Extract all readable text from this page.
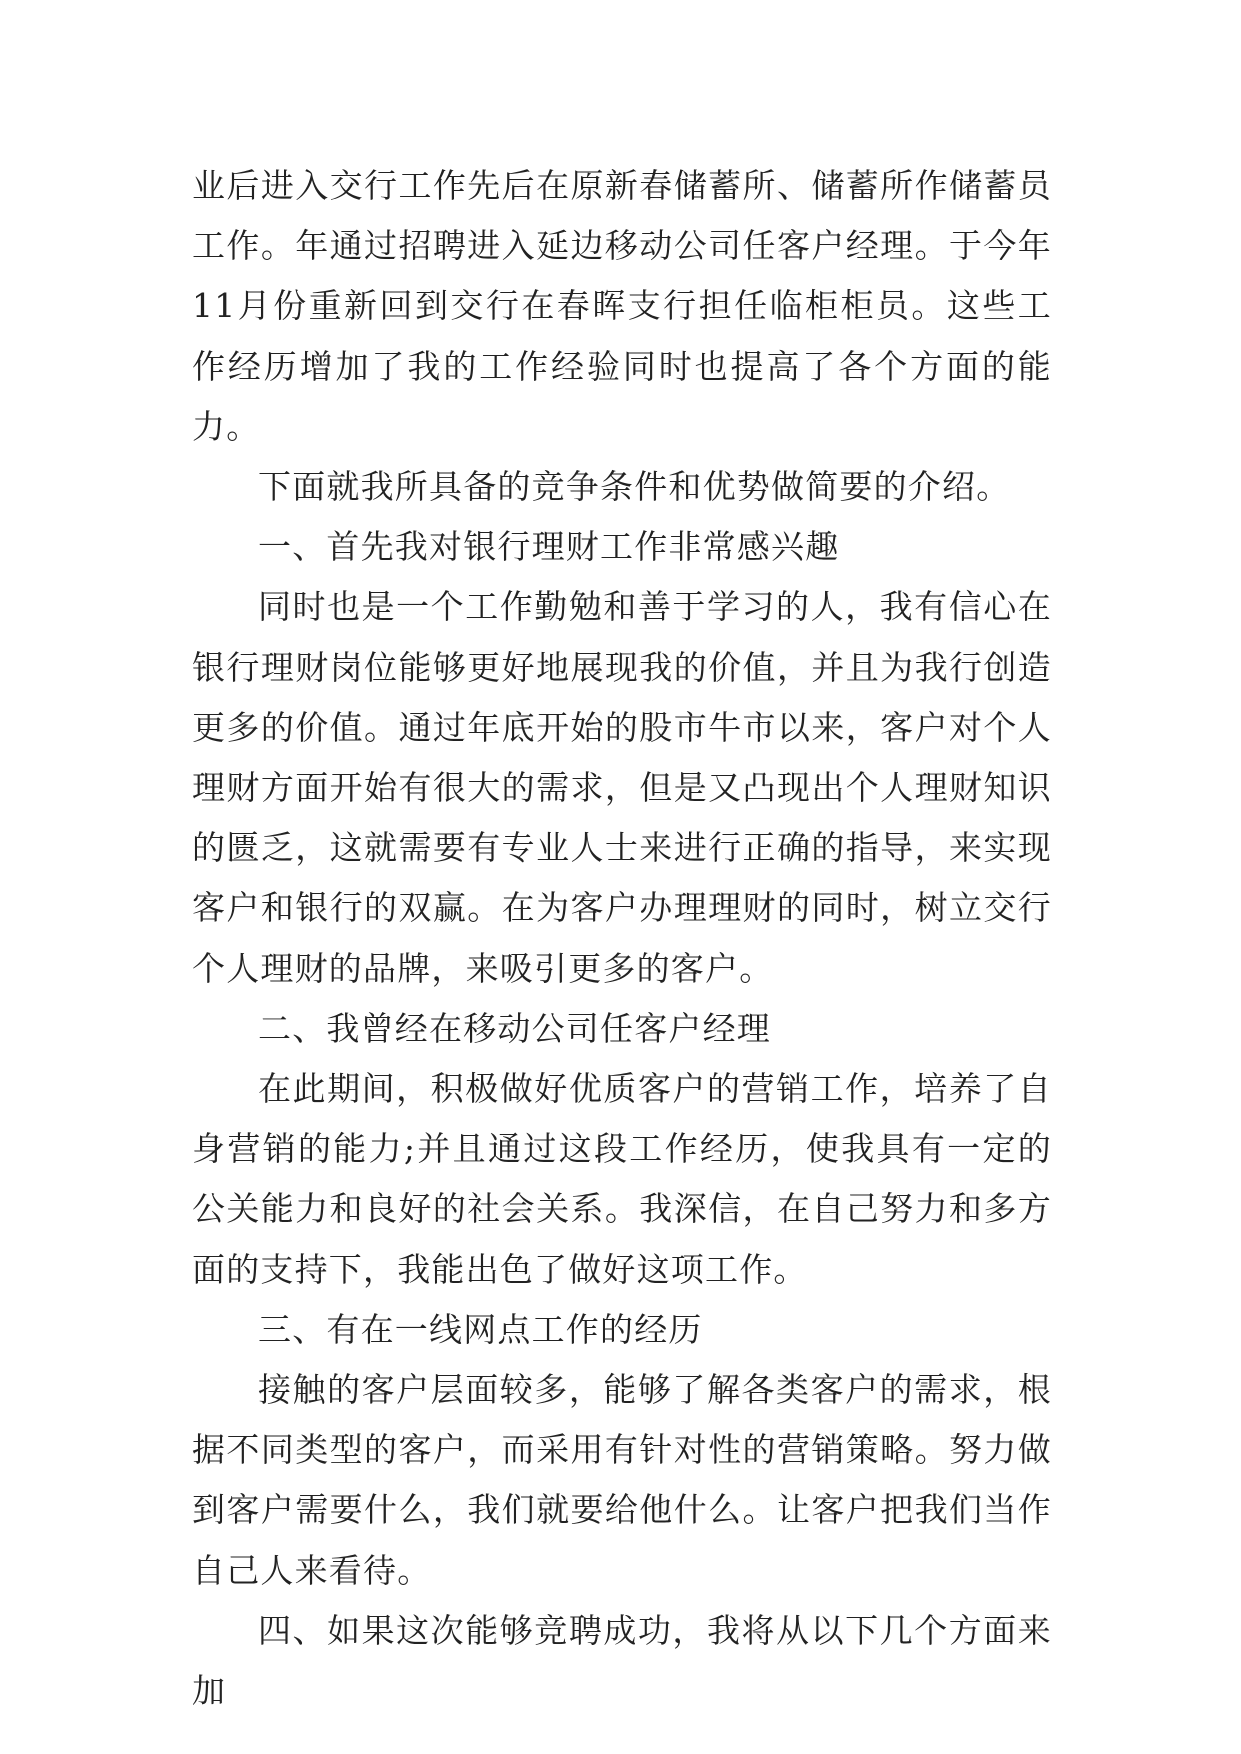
业后进入交行工作先后在原新春储蓄所、储蓄所作储蓄员工作。年通过招聘进入延边移动公司任客户经理。于今年11月份重新回到交行在春晖支行担任临柜柜员。这些工作经历增加了我的工作经验同时也提高了各个方面的能力。

下面就我所具备的竞争条件和优势做简要的介绍。

一、首先我对银行理财工作非常感兴趣

同时也是一个工作勤勉和善于学习的人，我有信心在银行理财岗位能够更好地展现我的价值，并且为我行创造更多的价值。通过年底开始的股市牛市以来，客户对个人理财方面开始有很大的需求，但是又凸现出个人理财知识的匮乏，这就需要有专业人士来进行正确的指导，来实现客户和银行的双赢。在为客户办理理财的同时，树立交行个人理财的品牌，来吸引更多的客户。

二、我曾经在移动公司任客户经理

在此期间，积极做好优质客户的营销工作，培养了自身营销的能力;并且通过这段工作经历，使我具有一定的公关能力和良好的社会关系。我深信，在自己努力和多方面的支持下，我能出色了做好这项工作。

三、有在一线网点工作的经历

接触的客户层面较多，能够了解各类客户的需求，根据不同类型的客户，而采用有针对性的营销策略。努力做到客户需要什么，我们就要给他什么。让客户把我们当作自己人来看待。

四、如果这次能够竞聘成功，我将从以下几个方面来加
